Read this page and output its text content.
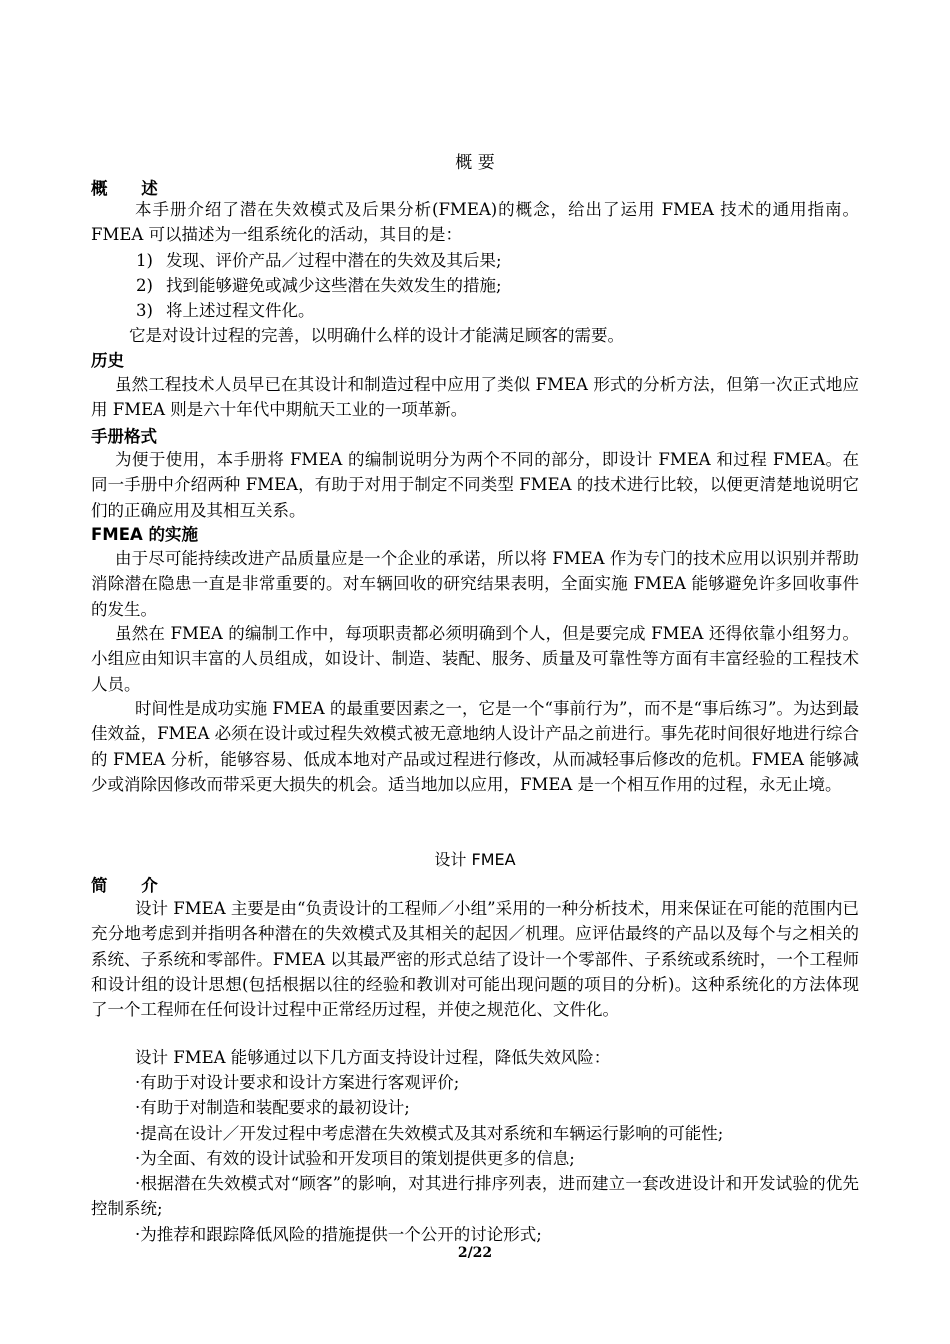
概 要
概 述

本手册介绍了潜在失效模式及后果分析(FMEA)的概念，给出了运用 FMEA 技术的通用指南。FMEA 可以描述为一组系统化的活动，其目的是：

1) 发现、评价产品／过程中潜在的失效及其后果;
2) 找到能够避免或减少这些潜在失效发生的措施;
3) 将上述过程文件化。

它是对设计过程的完善，以明确什么样的设计才能满足顾客的需要。

历史

虽然工程技术人员早已在其设计和制造过程中应用了类似 FMEA 形式的分析方法，但第一次正式地应用 FMEA 则是六十年代中期航天工业的一项革新。

手册格式

为便于使用，本手册将 FMEA 的编制说明分为两个不同的部分，即设计 FMEA 和过程 FMEA。在同一手册中介绍两种 FMEA，有助于对用于制定不同类型 FMEA 的技术进行比较，以便更清楚地说明它们的正确应用及其相互关系。

FMEA 的实施

由于尽可能持续改进产品质量应是一个企业的承诺，所以将 FMEA 作为专门的技术应用以识别并帮助消除潜在隐患一直是非常重要的。对车辆回收的研究结果表明，全面实施 FMEA 能够避免许多回收事件的发生。

虽然在 FMEA 的编制工作中，每项职责都必须明确到个人，但是要完成 FMEA 还得依靠小组努力。小组应由知识丰富的人员组成，如设计、制造、装配、服务、质量及可靠性等方面有丰富经验的工程技术人员。

时间性是成功实施 FMEA 的最重要因素之一，它是一个“事前行为”，而不是“事后练习”。为达到最佳效益，FMEA 必须在设计或过程失效模式被无意地纳人设计产品之前进行。事先花时间很好地进行综合的 FMEA 分析，能够容易、低成本地对产品或过程进行修改，从而减轻事后修改的危机。FMEA 能够减少或消除因修改而带采更大损失的机会。适当地加以应用，FMEA 是一个相互作用的过程，永无止境。

设计 FMEA
简 介

设计 FMEA 主要是由“负责设计的工程师／小组”采用的一种分析技术，用来保证在可能的范围内已充分地考虑到并指明各种潜在的失效模式及其相关的起因／机理。应评估最终的产品以及每个与之相关的系统、子系统和零部件。FMEA 以其最严密的形式总结了设计一个零部件、子系统或系统时，一个工程师和设计组的设计思想(包括根据以往的经验和教训对可能出现问题的项目的分析)。这种系统化的方法体现了一个工程师在任何设计过程中正常经历过程，并使之规范化、文件化。

设计 FMEA 能够通过以下几方面支持设计过程，降低失效风险：

·有助于对设计要求和设计方案进行客观评价;

·有助于对制造和装配要求的最初设计;

·提高在设计／开发过程中考虑潜在失效模式及其对系统和车辆运行影响的可能性;

·为全面、有效的设计试验和开发项目的策划提供更多的信息;

·根据潜在失效模式对“顾客”的影响，对其进行排序列表，进而建立一套改进设计和开发试验的优先控制系统;

·为推荐和跟踪降低风险的措施提供一个公开的讨论形式;

2/22
